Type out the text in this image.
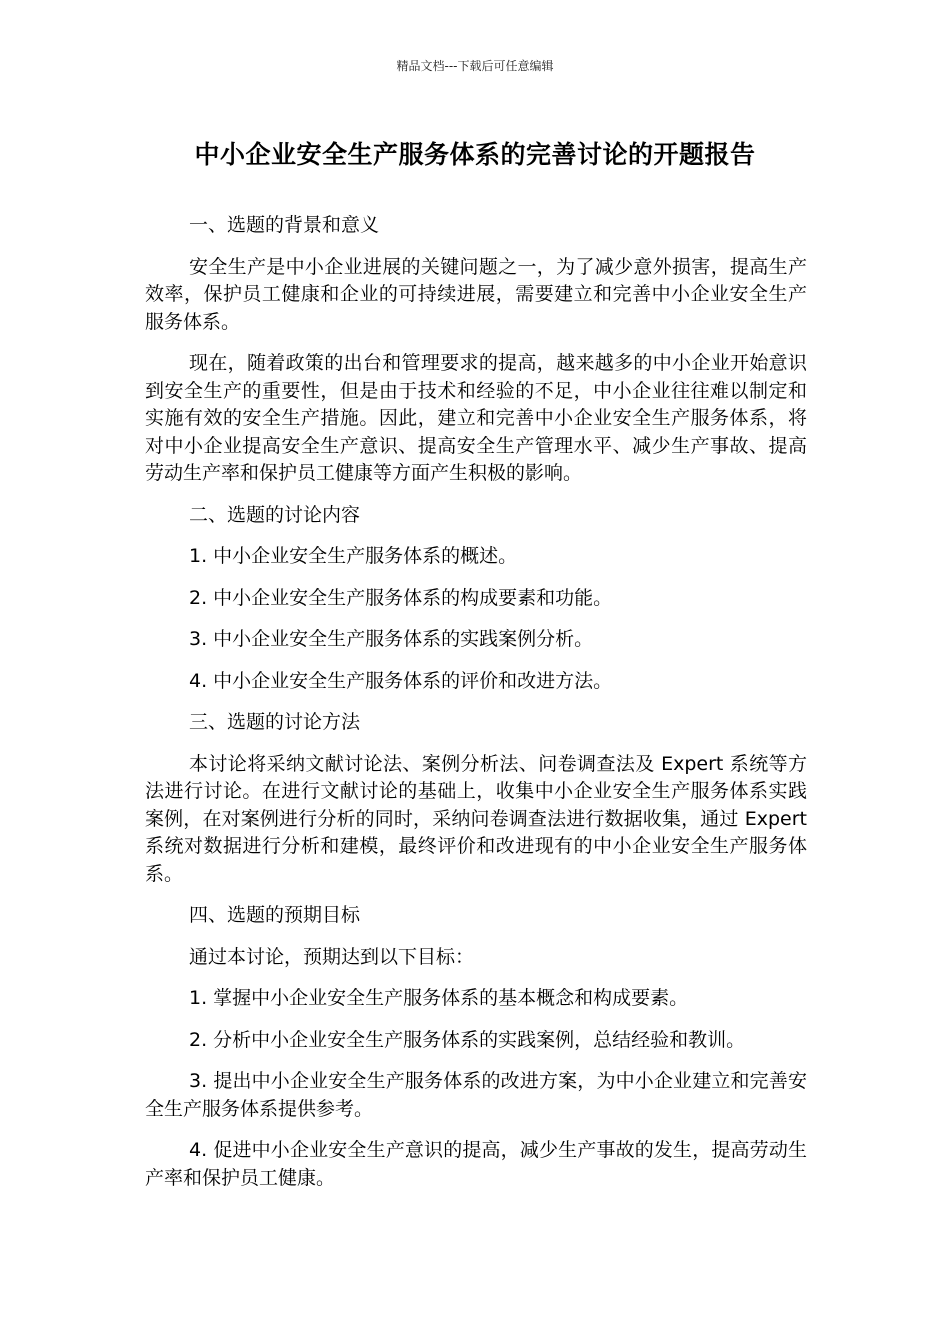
精品文档---下载后可任意编辑
中小企业安全生产服务体系的完善讨论的开题报告

一、选题的背景和意义

安全生产是中小企业进展的关键问题之一，为了减少意外损害，提高生产效率，保护员工健康和企业的可持续进展，需要建立和完善中小企业安全生产服务体系。

现在，随着政策的出台和管理要求的提高，越来越多的中小企业开始意识到安全生产的重要性，但是由于技术和经验的不足，中小企业往往难以制定和实施有效的安全生产措施。因此，建立和完善中小企业安全生产服务体系，将对中小企业提高安全生产意识、提高安全生产管理水平、减少生产事故、提高劳动生产率和保护员工健康等方面产生积极的影响。

二、选题的讨论内容

1. 中小企业安全生产服务体系的概述。

2. 中小企业安全生产服务体系的构成要素和功能。

3. 中小企业安全生产服务体系的实践案例分析。

4. 中小企业安全生产服务体系的评价和改进方法。

三、选题的讨论方法

本讨论将采纳文献讨论法、案例分析法、问卷调查法及 Expert 系统等方法进行讨论。在进行文献讨论的基础上，收集中小企业安全生产服务体系实践案例，在对案例进行分析的同时，采纳问卷调查法进行数据收集，通过 Expert 系统对数据进行分析和建模，最终评价和改进现有的中小企业安全生产服务体系。

四、选题的预期目标

通过本讨论，预期达到以下目标：

1. 掌握中小企业安全生产服务体系的基本概念和构成要素。

2. 分析中小企业安全生产服务体系的实践案例，总结经验和教训。

3. 提出中小企业安全生产服务体系的改进方案，为中小企业建立和完善安全生产服务体系提供参考。

4. 促进中小企业安全生产意识的提高，减少生产事故的发生，提高劳动生产率和保护员工健康。
